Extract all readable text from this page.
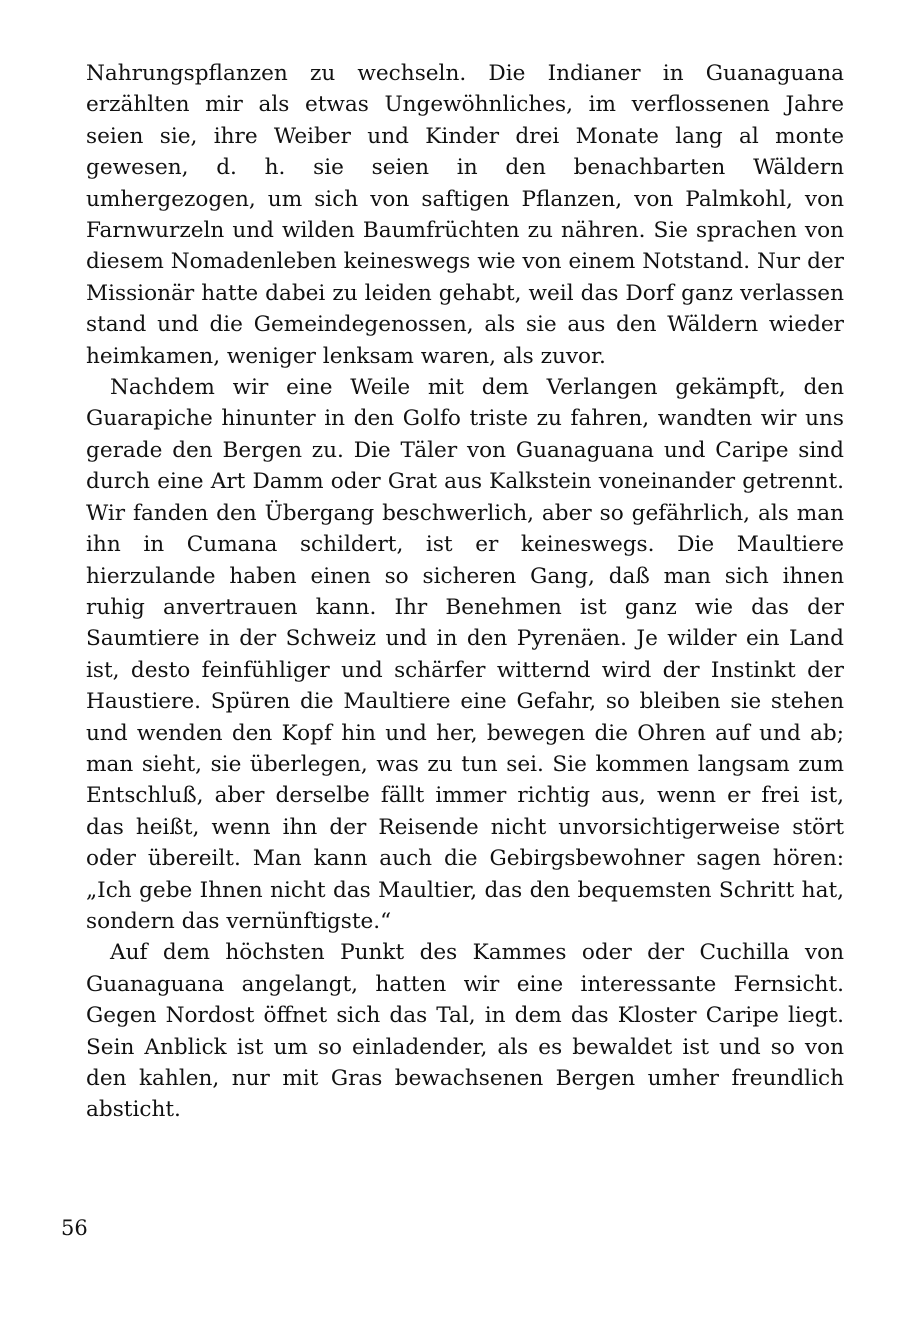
Nahrungspflanzen zu wechseln. Die Indianer in Guanaguana erzählten mir als etwas Ungewöhnliches, im verflossenen Jahre seien sie, ihre Weiber und Kinder drei Monate lang al monte gewesen, d. h. sie seien in den benachbarten Wäldern umhergezogen, um sich von saftigen Pflanzen, von Palmkohl, von Farnwurzeln und wilden Baumfrüchten zu nähren. Sie sprachen von diesem Nomadenleben keineswegs wie von einem Notstand. Nur der Missionär hatte dabei zu leiden gehabt, weil das Dorf ganz verlassen stand und die Gemeindegenossen, als sie aus den Wäldern wieder heimkamen, weniger lenksam waren, als zuvor.

Nachdem wir eine Weile mit dem Verlangen gekämpft, den Guarapiche hinunter in den Golfo triste zu fahren, wandten wir uns gerade den Bergen zu. Die Täler von Guanaguana und Caripe sind durch eine Art Damm oder Grat aus Kalkstein voneinander getrennt. Wir fanden den Übergang beschwerlich, aber so gefährlich, als man ihn in Cumana schildert, ist er keineswegs. Die Maultiere hierzulande haben einen so sicheren Gang, daß man sich ihnen ruhig anvertrauen kann. Ihr Benehmen ist ganz wie das der Saumtiere in der Schweiz und in den Pyrenäen. Je wilder ein Land ist, desto feinfühliger und schärfer witternd wird der Instinkt der Haustiere. Spüren die Maultiere eine Gefahr, so bleiben sie stehen und wenden den Kopf hin und her, bewegen die Ohren auf und ab; man sieht, sie überlegen, was zu tun sei. Sie kommen langsam zum Entschluß, aber derselbe fällt immer richtig aus, wenn er frei ist, das heißt, wenn ihn der Reisende nicht unvorsichtigerweise stört oder übereilt. Man kann auch die Gebirgsbewohner sagen hören: „Ich gebe Ihnen nicht das Maultier, das den bequemsten Schritt hat, sondern das vernünftigste.“

Auf dem höchsten Punkt des Kammes oder der Cuchilla von Guanaguana angelangt, hatten wir eine interessante Fernsicht. Gegen Nordost öffnet sich das Tal, in dem das Kloster Caripe liegt. Sein Anblick ist um so einladender, als es bewaldet ist und so von den kahlen, nur mit Gras bewachsenen Bergen umher freundlich absticht.

56
